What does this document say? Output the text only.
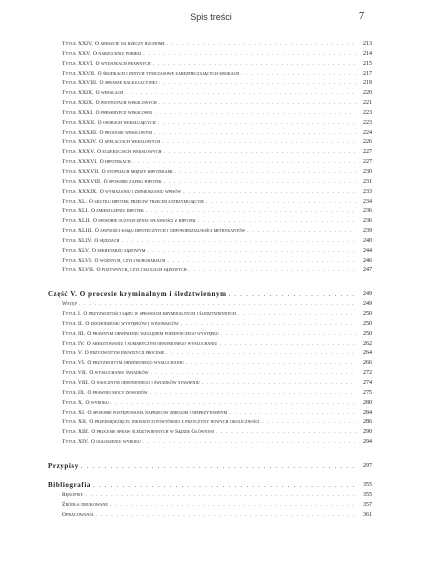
Spis treści	7
Tytuł XXIV. O areszcie na rzeczy ruchome . . .	213
Tytuł XXV. O narzuceniu pobieżj . . .	214
Tytuł XXVI. O wydatkach prawnych . . .	215
Tytuł XXVII. O środkach i innych tymczasowe zabezpieczających krokach . . .	217
Tytuł XXVIII. O sprawie kalkulacyjnej . . .	219
Tytuł XXIX. O wekslach . . .	220
Tytuł XXIX. O protestach wekslowych . . .	221
Tytuł XXXI. O preskrypcji wekslowej . . .	223
Tytuł XXXII. O osobach wekslujących . . .	223
Tytuł XXXIII. O procesie wekslowym . . .	224
Tytuł XXXIV. O apelacjach wekslowych . . .	226
Tytuł XXXV. O egzekucjach wekslowych . . .	227
Tytuł XXXVI. O hipotekach . . .	227
Tytuł XXXVII. O stopniach między hipotekami . . .	230
Tytuł XXXVIII. O sposobie zapisu hipotek . . .	231
Tytuł XXXIX. O wymazaniu i zmniejszaniu wpisów . . .	233
Tytuł XL. O skutku hipotek przeciw trzecim zatrzymującym . . .	234
Tytuł XLI. O zmieszczeniu hipotek . . .	236
Tytuł XLII. O sposobie oczyszczenia własności z hipotek . . .	236
Tytuł XLIII. O jawności ksiąg hipotecznych i odpowiedzialności metrykantów . . .	239
Tytuł XLIV. O sędziach . . .	240
Tytuł XLV. O sekretarzu sądowym . . .	244
Tytuł XLVI. O woźnych, czyli burgrabiach . . .	246
Tytuł XLVII. O pozywnych, czyli sługach sądowych . . .	247
Część V. O procesie kryminalnym i śledztwiennym . . .	249
Wstęp . . .	249
Tytuł I. O przyzwoitości sądu w sprawach kryminalnych i śledztwiennych . . .	250
Tytuł II. O dochodzeniu występków i winowajców . . .	250
Tytuł III. O prawnym obwinieniu względem pojedynczego występku . . .	250
Tytuł IV. O aresztowaniu i sumaryczym obwinionego wysłuchaniu . . .	262
Tytuł V. O przyzwoitym inkwizycji procesie . . .	264
Tytuł VI. O przyzwoitym obwinionego wysłuchaniu . . .	266
Tytuł VII. O wysłuchaniu świadków . . .	272
Tytuł VIII. O naocznym obwinionego i świadków stawieniu . . .	274
Tytuł IX. O prawnej mocy dowodów . . .	275
Tytuł X. O wyroku . . .	280
Tytuł XI. O sposobie postępowania naprzeciw zbiegom i nieprzytomnym . . .	284
Tytuł XII. O przedsięwzięciu inkwizycji powtórnej z przyczyny nowych okoliczności . . .	286
Tytuł XIII. O procesie spraw śledztwiennych w Sądzie Głównym . . .	290
Tytuł XIV. O ogłoszeniu wyroku . . .	294
Przypisy . . .	297
Bibliografia . . .	355
Rękopisy . . .	355
Źródła drukowane . . .	357
Opracowania . . .	361
